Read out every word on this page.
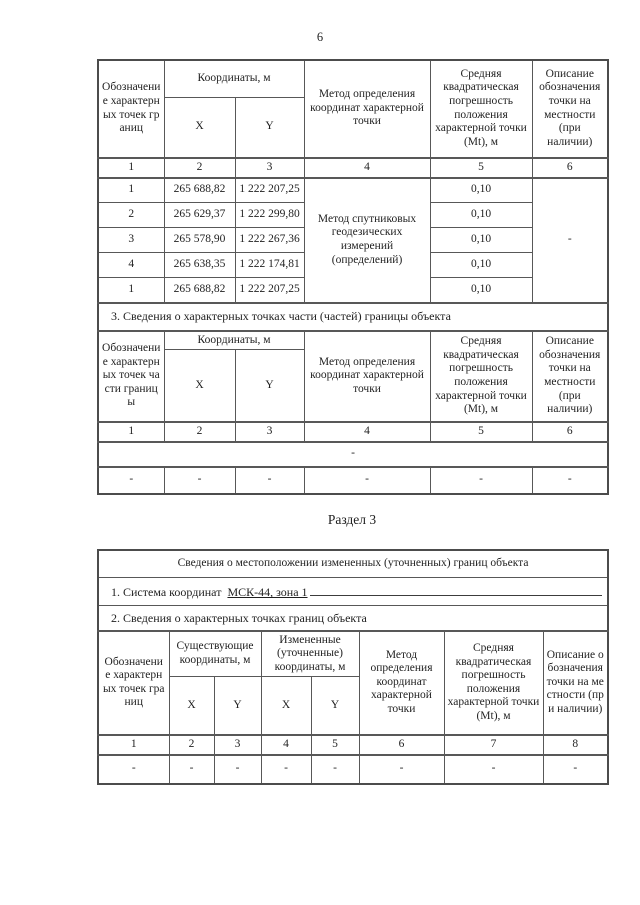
6
Обозначение характерных точек границ	Координаты, м		Метод определения координат характерной точки	Средняя квадратическая погрешность положения характерной точки (Mt), м	Описание обозначения точки на местности (при наличии)
	X	Y			
1	2	3	4	5	6
1	265 688,82	1 222 207,25	Метод спутниковых геодезических измерений (определений)	0,10	-
2	265 629,37	1 222 299,80		0,10	
3	265 578,90	1 222 267,36		0,10	
4	265 638,35	1 222 174,81		0,10	
1	265 688,82	1 222 207,25		0,10	
3. Сведения о характерных точках части (частей) границы объекта					
Обозначение характерных точек части границы	Координаты, м		Метод определения координат характерной точки	Средняя квадратическая погрешность положения характерной точки (Mt), м	Описание обозначения точки на местности (при наличии)
	X	Y			
1	2	3	4	5	6
-					
-	-	-	-	-	-
Раздел 3
Сведения о местоположении измененных (уточненных) границ объекта							

1. Система координат МСК-44, зона 1							

2. Сведения о характерных точках границ объекта							
Обозначение характерных точек границ	Существующие координаты, м		Измененные (уточненные) координаты, м		Метод определения координат характерной точки	Средняя квадратическая погрешность положения характерной точки (Mt), м	Описание обозначения точки на местности (при наличии)
	X	Y	X	Y			
1	2	3	4	5	6	7	8
-	-	-	-	-	-	-	-
